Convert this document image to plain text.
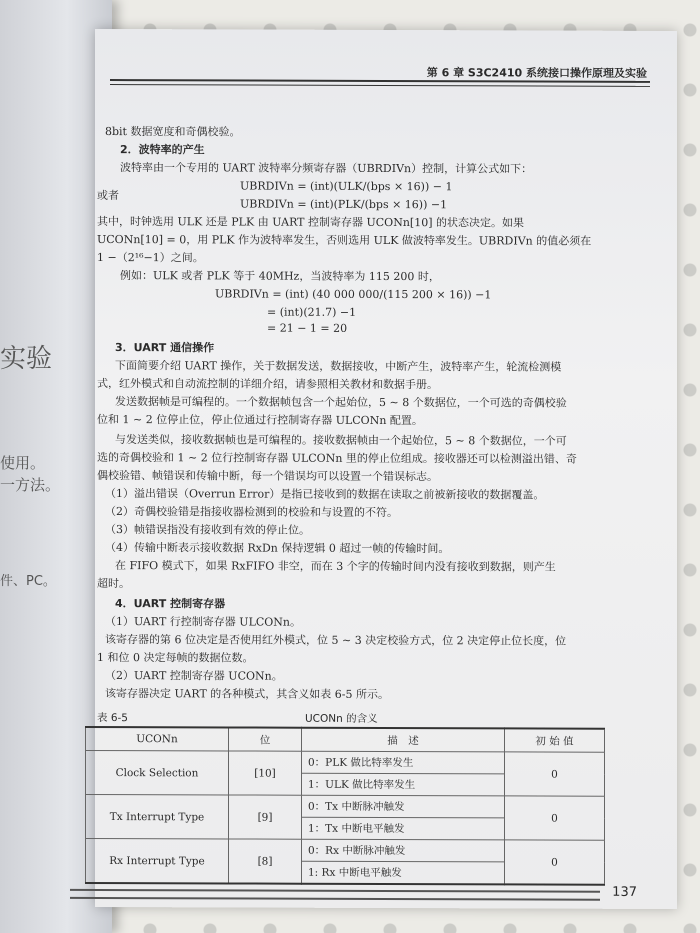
实验
使用。
一方法。
件、PC。
第 6 章 S3C2410 系统接口操作原理及实验
8bit 数据宽度和奇偶校验。
2．波特率的产生
波特率由一个专用的 UART 波特率分频寄存器（UBRDIVn）控制，计算公式如下：
UBRDIVn = (int)(ULK/(bps × 16)) − 1
UBRDIVn = (int)(PLK/(bps × 16)) −1
或者
其中，时钟选用 ULK 还是 PLK 由 UART 控制寄存器 UCONn[10] 的状态决定。如果
UCONn[10] = 0，用 PLK 作为波特率发生，否则选用 ULK 做波特率发生。UBRDIVn 的值必须在
1 −（2¹⁶−1）之间。
例如：ULK 或者 PLK 等于 40MHz，当波特率为 115 200 时，
UBRDIVn = (int) (40 000 000/(115 200 × 16)) −1
= (int)(21.7) −1
= 21 − 1 = 20
3．UART 通信操作
下面简要介绍 UART 操作，关于数据发送，数据接收，中断产生，波特率产生，轮流检测模
式，红外模式和自动流控制的详细介绍，请参照相关教材和数据手册。
发送数据帧是可编程的。一个数据帧包含一个起始位，5 ~ 8 个数据位，一个可选的奇偶校验
位和 1 ~ 2 位停止位，停止位通过行控制寄存器 ULCONn 配置。
与发送类似，接收数据帧也是可编程的。接收数据帧由一个起始位，5 ~ 8 个数据位，一个可
选的奇偶校验和 1 ~ 2 位行控制寄存器 ULCONn 里的停止位组成。接收器还可以检测溢出错、奇
偶校验错、帧错误和传输中断，每一个错误均可以设置一个错误标志。
（1）溢出错误（Overrun Error）是指已接收到的数据在读取之前被新接收的数据覆盖。
（2）奇偶校验错是指接收器检测到的校验和与设置的不符。
（3）帧错误指没有接收到有效的停止位。
（4）传输中断表示接收数据 RxDn 保持逻辑 0 超过一帧的传输时间。
在 FIFO 模式下，如果 RxFIFO 非空，而在 3 个字的传输时间内没有接收到数据，则产生
超时。
4．UART 控制寄存器
（1）UART 行控制寄存器 ULCONn。
该寄存器的第 6 位决定是否使用红外模式，位 5 ~ 3 决定校验方式，位 2 决定停止位长度，位
1 和位 0 决定每帧的数据位数。
（2）UART 控制寄存器 UCONn。
该寄存器决定 UART 的各种模式，其含义如表 6-5 所示。
表 6-5	UCONn 的含义
UCONn	位	描　述	初 始 值
Clock Selection	[10]	0：PLK 做比特率发生	0
		1：ULK 做比特率发生	
Tx Interrupt Type	[9]	0：Tx 中断脉冲触发	0
		1：Tx 中断电平触发	
Rx Interrupt Type	[8]	0：Rx 中断脉冲触发	0
		1: Rx 中断电平触发	
137
